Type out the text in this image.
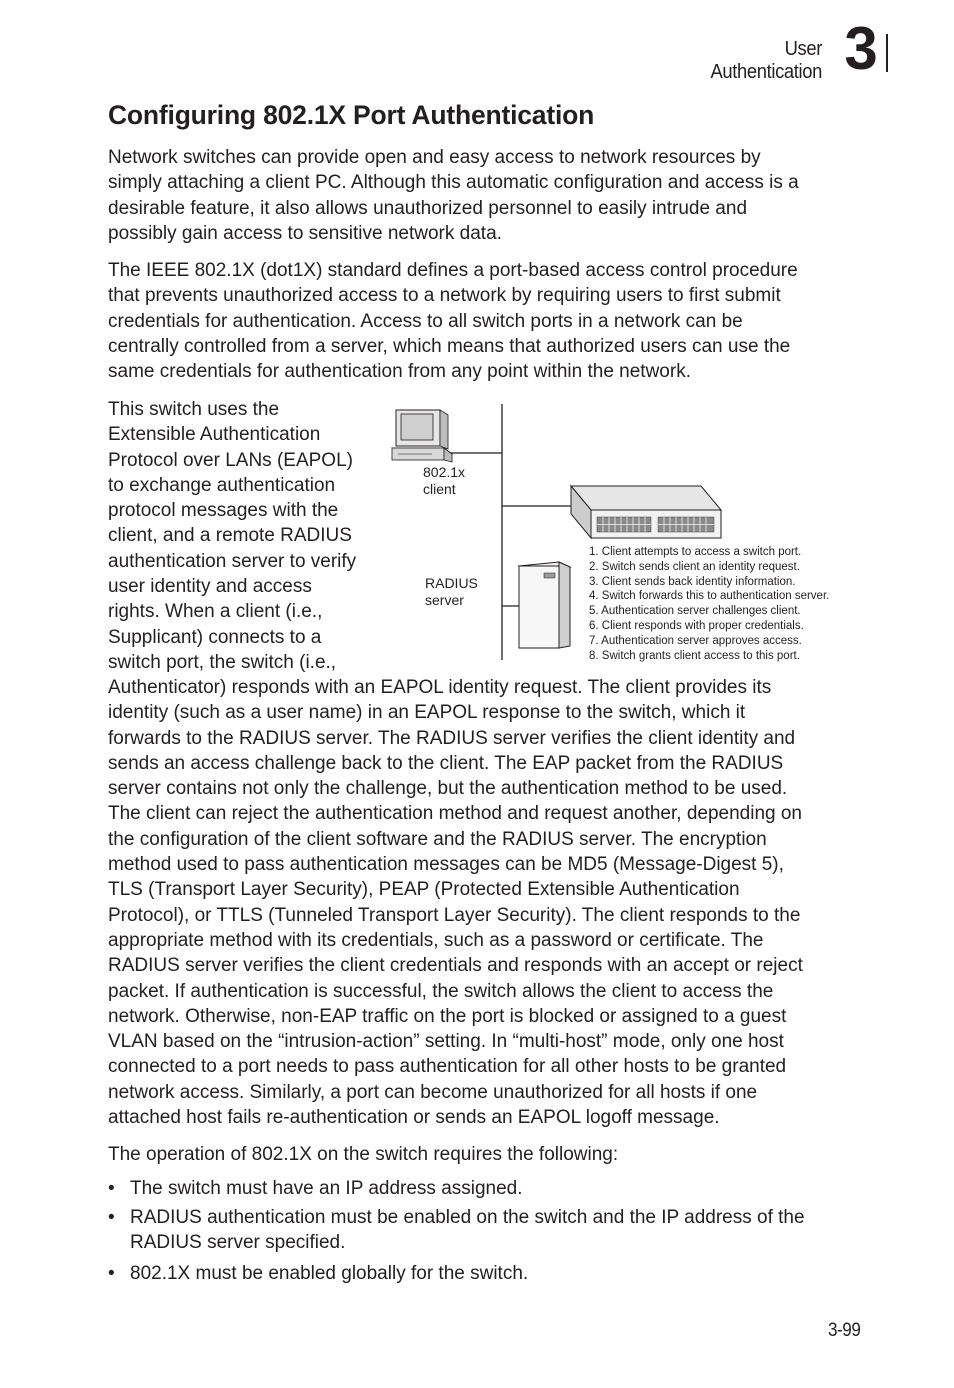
User Authentication 3
Configuring 802.1X Port Authentication
Network switches can provide open and easy access to network resources by
simply attaching a client PC. Although this automatic configuration and access is a
desirable feature, it also allows unauthorized personnel to easily intrude and
possibly gain access to sensitive network data.
The IEEE 802.1X (dot1X) standard defines a port-based access control procedure
that prevents unauthorized access to a network by requiring users to first submit
credentials for authentication. Access to all switch ports in a network can be
centrally controlled from a server, which means that authorized users can use the
same credentials for authentication from any point within the network.
This switch uses the
Extensible Authentication
Protocol over LANs (EAPOL)
to exchange authentication
protocol messages with the
client, and a remote RADIUS
authentication server to verify
user identity and access
rights. When a client (i.e.,
Supplicant) connects to a
switch port, the switch (i.e.,
Authenticator) responds with an EAPOL identity request. The client provides its
identity (such as a user name) in an EAPOL response to the switch, which it
forwards to the RADIUS server. The RADIUS server verifies the client identity and
sends an access challenge back to the client. The EAP packet from the RADIUS
server contains not only the challenge, but the authentication method to be used.
The client can reject the authentication method and request another, depending on
the configuration of the client software and the RADIUS server. The encryption
method used to pass authentication messages can be MD5 (Message-Digest 5),
TLS (Transport Layer Security), PEAP (Protected Extensible Authentication
Protocol), or TTLS (Tunneled Transport Layer Security). The client responds to the
appropriate method with its credentials, such as a password or certificate. The
RADIUS server verifies the client credentials and responds with an accept or reject
packet. If authentication is successful, the switch allows the client to access the
network. Otherwise, non-EAP traffic on the port is blocked or assigned to a guest
VLAN based on the “intrusion-action” setting. In “multi-host” mode, only one host
connected to a port needs to pass authentication for all other hosts to be granted
network access. Similarly, a port can become unauthorized for all hosts if one
attached host fails re-authentication or sends an EAPOL logoff message.
The operation of 802.1X on the switch requires the following:
• The switch must have an IP address assigned.
• RADIUS authentication must be enabled on the switch and the IP address of the
RADIUS server specified.
• 802.1X must be enabled globally for the switch.
802.1x
client
RADIUS
server
1. Client attempts to access a switch port.
2. Switch sends client an identity request.
3. Client sends back identity information.
4. Switch forwards this to authentication server.
5. Authentication server challenges client.
6. Client responds with proper credentials.
7. Authentication server approves access.
8. Switch grants client access to this port.
3-99
